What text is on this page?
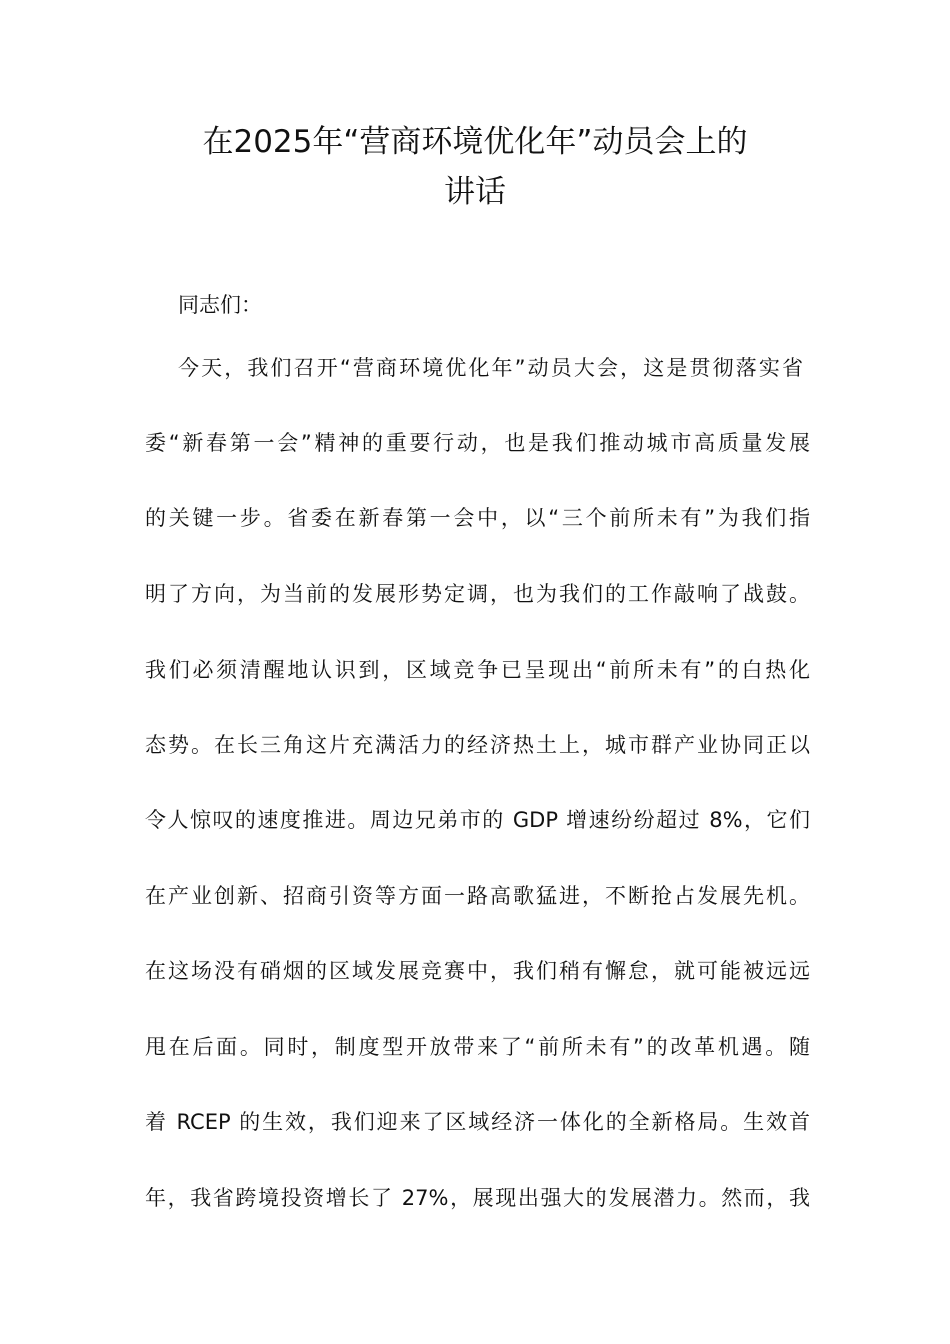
在2025年“营商环境优化年”动员会上的
讲话
同志们：
今天，我们召开“营商环境优化年”动员大会，这是贯彻落实省
委“新春第一会”精神的重要行动，也是我们推动城市高质量发展
的关键一步。省委在新春第一会中，以“三个前所未有”为我们指
明了方向，为当前的发展形势定调，也为我们的工作敲响了战鼓。
我们必须清醒地认识到，区域竞争已呈现出“前所未有”的白热化
态势。在长三角这片充满活力的经济热土上，城市群产业协同正以
令人惊叹的速度推进。周边兄弟市的 GDP 增速纷纷超过 8%，它们
在产业创新、招商引资等方面一路高歌猛进，不断抢占发展先机。
在这场没有硝烟的区域发展竞赛中，我们稍有懈怠，就可能被远远
甩在后面。同时，制度型开放带来了“前所未有”的改革机遇。随
着 RCEP 的生效，我们迎来了区域经济一体化的全新格局。生效首
年，我省跨境投资增长了 27%，展现出强大的发展潜力。然而，我
